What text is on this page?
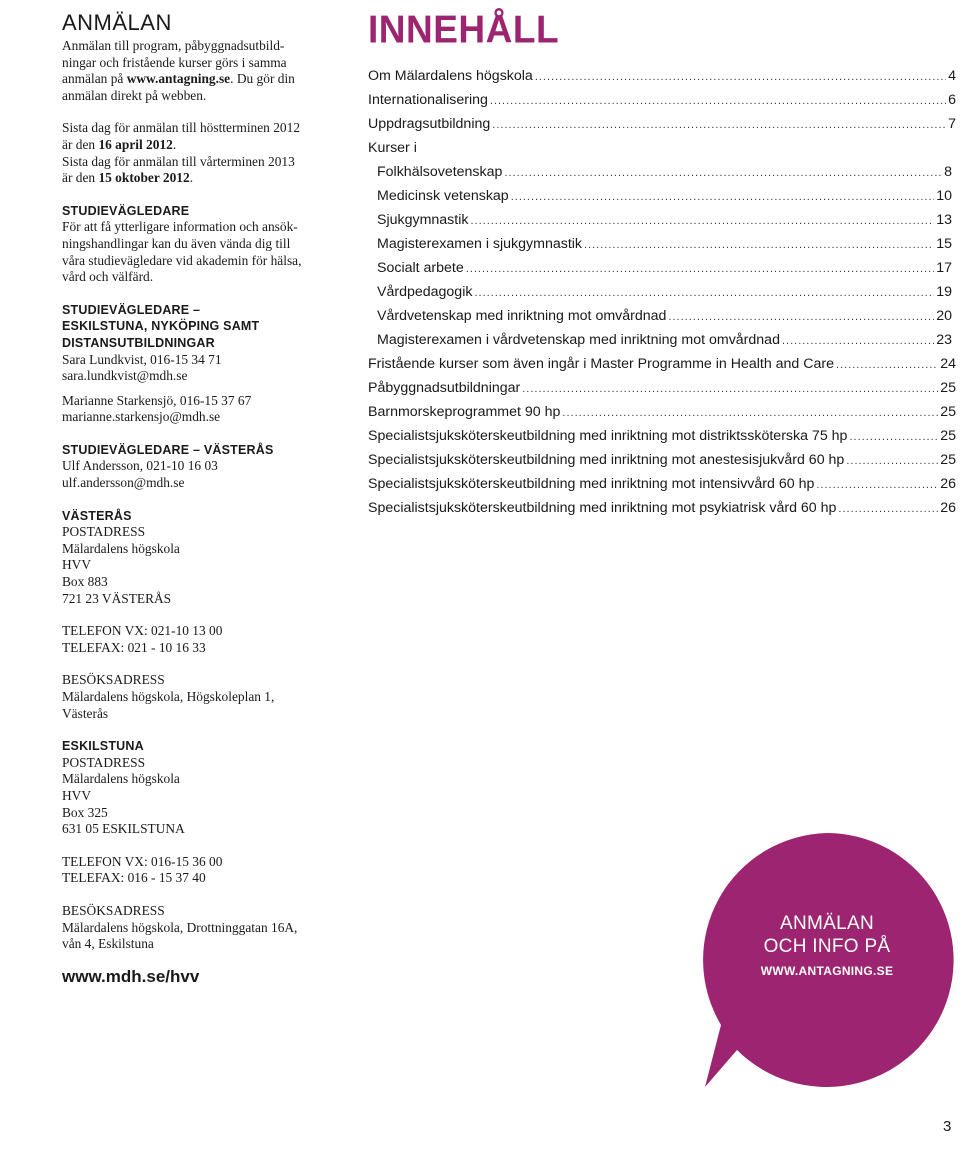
ANMÄLAN

Anmälan till program, påbyggnadsutbild-

ningar och fristående kurser görs i samma

anmälan på www.antagning.se. Du gör din

anmälan direkt på webben.

Sista dag för anmälan till höstterminen 2012

är den 16 april 2012.

Sista dag för anmälan till vårterminen 2013

är den 15 oktober 2012.

STUDIEVÄGLEDARE

För att få ytterligare information och ansök-

ningshandlingar kan du även vända dig till

våra studievägledare vid akademin för hälsa,

vård och välfärd.

STUDIEVÄGLEDARE –
ESKILSTUNA, NYKÖPING SAMT
DISTANSUTBILDNINGAR

Sara Lundkvist, 016-15 34 71

sara.lundkvist@mdh.se

Marianne Starkensjö, 016-15 37 67

marianne.starkensjo@mdh.se

STUDIEVÄGLEDARE – VÄSTERÅS

Ulf Andersson, 021-10 16 03

ulf.andersson@mdh.se

VÄSTERÅS

POSTADRESS

Mälardalens högskola

HVV

Box 883

721 23 VÄSTERÅS

TELEFON VX: 021-10 13 00

TELEFAX: 021 - 10 16 33

BESÖKSADRESS

Mälardalens högskola, Högskoleplan 1,

Västerås

ESKILSTUNA

POSTADRESS

Mälardalens högskola

HVV

Box 325

631 05 ESKILSTUNA

TELEFON VX: 016-15 36 00

TELEFAX: 016 - 15 37 40

BESÖKSADRESS

Mälardalens högskola, Drottninggatan 16A,

vån 4, Eskilstuna

www.mdh.se/hvv
INNEHÅLL
Om Mälardalens högskola .....	4
Internationalisering .....	6
Uppdragsutbildning .....	7
Kurser i
Folkhälsovetenskap .....	8
Medicinsk vetenskap .....	10
Sjukgymnastik .....	13
Magisterexamen i sjukgymnastik .....	15
Socialt arbete .....	17
Vårdpedagogik .....	19
Vårdvetenskap med inriktning mot omvårdnad .....	20
Magisterexamen i vårdvetenskap med inriktning mot omvårdnad .....	23
Fristående kurser som även ingår i Master Programme in Health and Care .....	24
Påbyggnadsutbildningar .....	25
Barnmorskeprogrammet 90 hp .....	25
Specialistsjuksköterskeutbildning med inriktning mot distriktssköterska 75 hp .....	25
Specialistsjuksköterskeutbildning med inriktning mot anestesisjukvård 60 hp .....	25
Specialistsjuksköterskeutbildning med inriktning mot intensivvård 60 hp .....	26
Specialistsjuksköterskeutbildning med inriktning mot psykiatrisk vård 60 hp .....	26
ANMÄLAN
OCH INFO PÅ
WWW.ANTAGNING.SE
3
